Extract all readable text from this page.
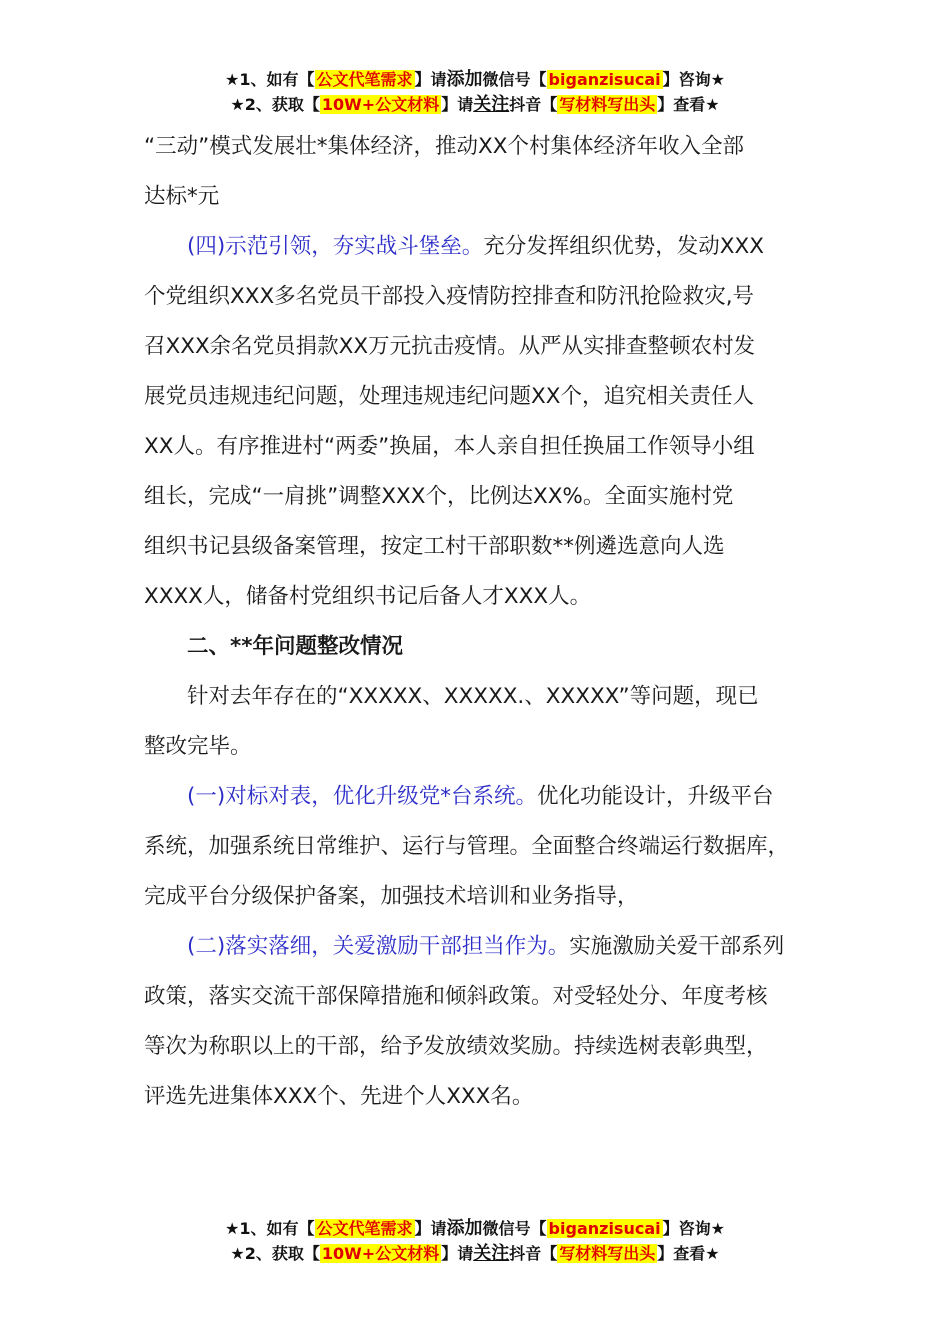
★1、如有【 公文代笔需求 】请添加微信号【 biganzisucai 】咨询★
★2、获取【 10W+公文材料 】请关注抖音【 写材料写出头 】查看★

“三动”模式发展壮*集体经济，推动XX个村集体经济年收入全部

达标*元

(四)示范引领，夯实战斗堡垒。充分发挥组织优势，发动XXX

个党组织XXX多名党员干部投入疫情防控排查和防汛抢险救灾,号

召XXX余名党员捐款XX万元抗击疫情。从严从实排查整顿农村发

展党员违规违纪问题，处理违规违纪问题XX个，追究相关责任人

XX人。有序推进村“两委”换届，本人亲自担任换届工作领导小组

组长，完成“一肩挑”调整XXX个，比例达XX%。全面实施村党

组织书记县级备案管理，按定工村干部职数**例遴选意向人选

XXXX人，储备村党组织书记后备人才XXX人。

二、**年问题整改情况

针对去年存在的“XXXXX、XXXXX.、XXXXX”等问题，现已

整改完毕。

(一)对标对表，优化升级党*台系统。优化功能设计，升级平台

系统，加强系统日常维护、运行与管理。全面整合终端运行数据库，

完成平台分级保护备案，加强技术培训和业务指导，

(二)落实落细，关爱激励干部担当作为。实施激励关爱干部系列

政策，落实交流干部保障措施和倾斜政策。对受轻处分、年度考核

等次为称职以上的干部，给予发放绩效奖励。持续选树表彰典型，

评选先进集体XXX个、先进个人XXX名。

★1、如有【 公文代笔需求 】请添加微信号【 biganzisucai 】咨询★
★2、获取【 10W+公文材料 】请关注抖音【 写材料写出头 】查看★
